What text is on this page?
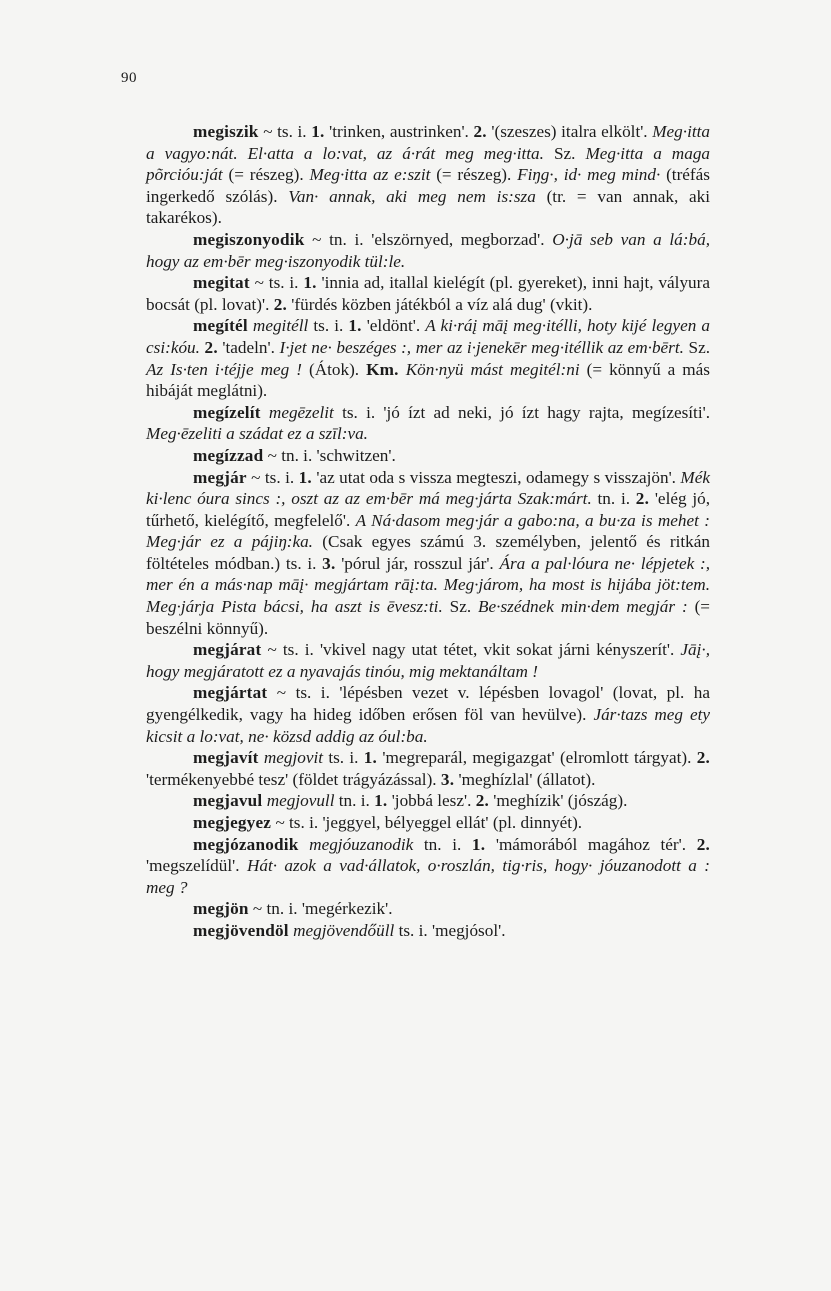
90

megiszik ~ ts. i. 1. 'trinken, austrinken'. 2. '(szeszes) italra elkölt'. Meg·itta a vagyo:nát. El·atta a lo:vat, az á·rát meg meg·itta. Sz. Meg·itta a maga põrcióu:ját (= részeg). Meg·itta az e:szit (= részeg). Fiŋg·, id· meg mind· (tréfás ingerkedő szólás). Van· annak, aki meg nem is:sza (tr. = van annak, aki takarékos).

megiszonyodik ~ tn. i. 'elszörnyed, megborzad'. O·jā seb van a lá:bá, hogy az em·bēr meg·iszonyodik tül:le.

megitat ~ ts. i. 1. 'innia ad, itallal kielégít (pl. gyereket), inni hajt, vályura bocsát (pl. lovat)'. 2. 'fürdés közben játékból a víz alá dug' (vkit).

megítél megitéll ts. i. 1. 'eldönt'. A ki·ráį māį meg·itélli, hoty kijé legyen a csi:kóu. 2. 'tadeln'. I·jet ne· beszéges :, mer az i·jenekēr meg·itéllik az em·bērt. Sz. Az Is·ten i·téjje meg ! (Átok). Km. Kön·nyü mást megitél:ni (= könnyű a más hibáját meglátni).

megízelít megēzelit ts. i. 'jó ízt ad neki, jó ízt hagy rajta, megízesíti'. Meg·ēzeliti a szádat ez a szīl:va.

megízzad ~ tn. i. 'schwitzen'.

megjár ~ ts. i. 1. 'az utat oda s vissza megteszi, odamegy s visszajön'. Mék ki·lenc óura sincs :, oszt az az em·bēr má meg·járta Szak:márt. tn. i. 2. 'elég jó, tűrhető, kielégítő, megfelelő'. A Ná·dasom meg·jár a gabo:na, a bu·za is mehet : Meg·jár ez a pájiŋ:ka. (Csak egyes számú 3. személyben, jelentő és ritkán föltételes módban.) ts. i. 3. 'pórul jár, rosszul jár'. Ára a pal·lóura ne· lépjetek :, mer én a más·nap māį· megjártam rāį:ta. Meg·járom, ha most is hijába jöt:tem. Meg·járja Pista bácsi, ha aszt is ēvesz:ti. Sz. Be·szédnek min·dem megjár : (= beszélni könnyű).

megjárat ~ ts. i. 'vkivel nagy utat tétet, vkit sokat járni kényszerít'. Jāį·, hogy megjáratott ez a nyavajás tinóu, mig mektanáltam !

megjártat ~ ts. i. 'lépésben vezet v. lépésben lovagol' (lovat, pl. ha gyengélkedik, vagy ha hideg időben erősen föl van hevülve). Jár·tazs meg ety kicsit a lo:vat, ne· közsd addig az óul:ba.

megjavít megjovit ts. i. 1. 'megreparál, megigazgat' (elromlott tárgyat). 2. 'termékenyebbé tesz' (földet trágyázással). 3. 'meghízlal' (állatot).

megjavul megjovull tn. i. 1. 'jobbá lesz'. 2. 'meghízik' (jószág).

megjegyez ~ ts. i. 'jeggyel, bélyeggel ellát' (pl. dinnyét).

megjózanodik megjóuzanodik tn. i. 1. 'mámorából magához tér'. 2. 'megszelídül'. Hát· azok a vad·állatok, o·roszlán, tig·ris, hogy· jóuzanodott a : meg ?

megjön ~ tn. i. 'megérkezik'.

megjövendöl megjövendőüll ts. i. 'megjósol'.
